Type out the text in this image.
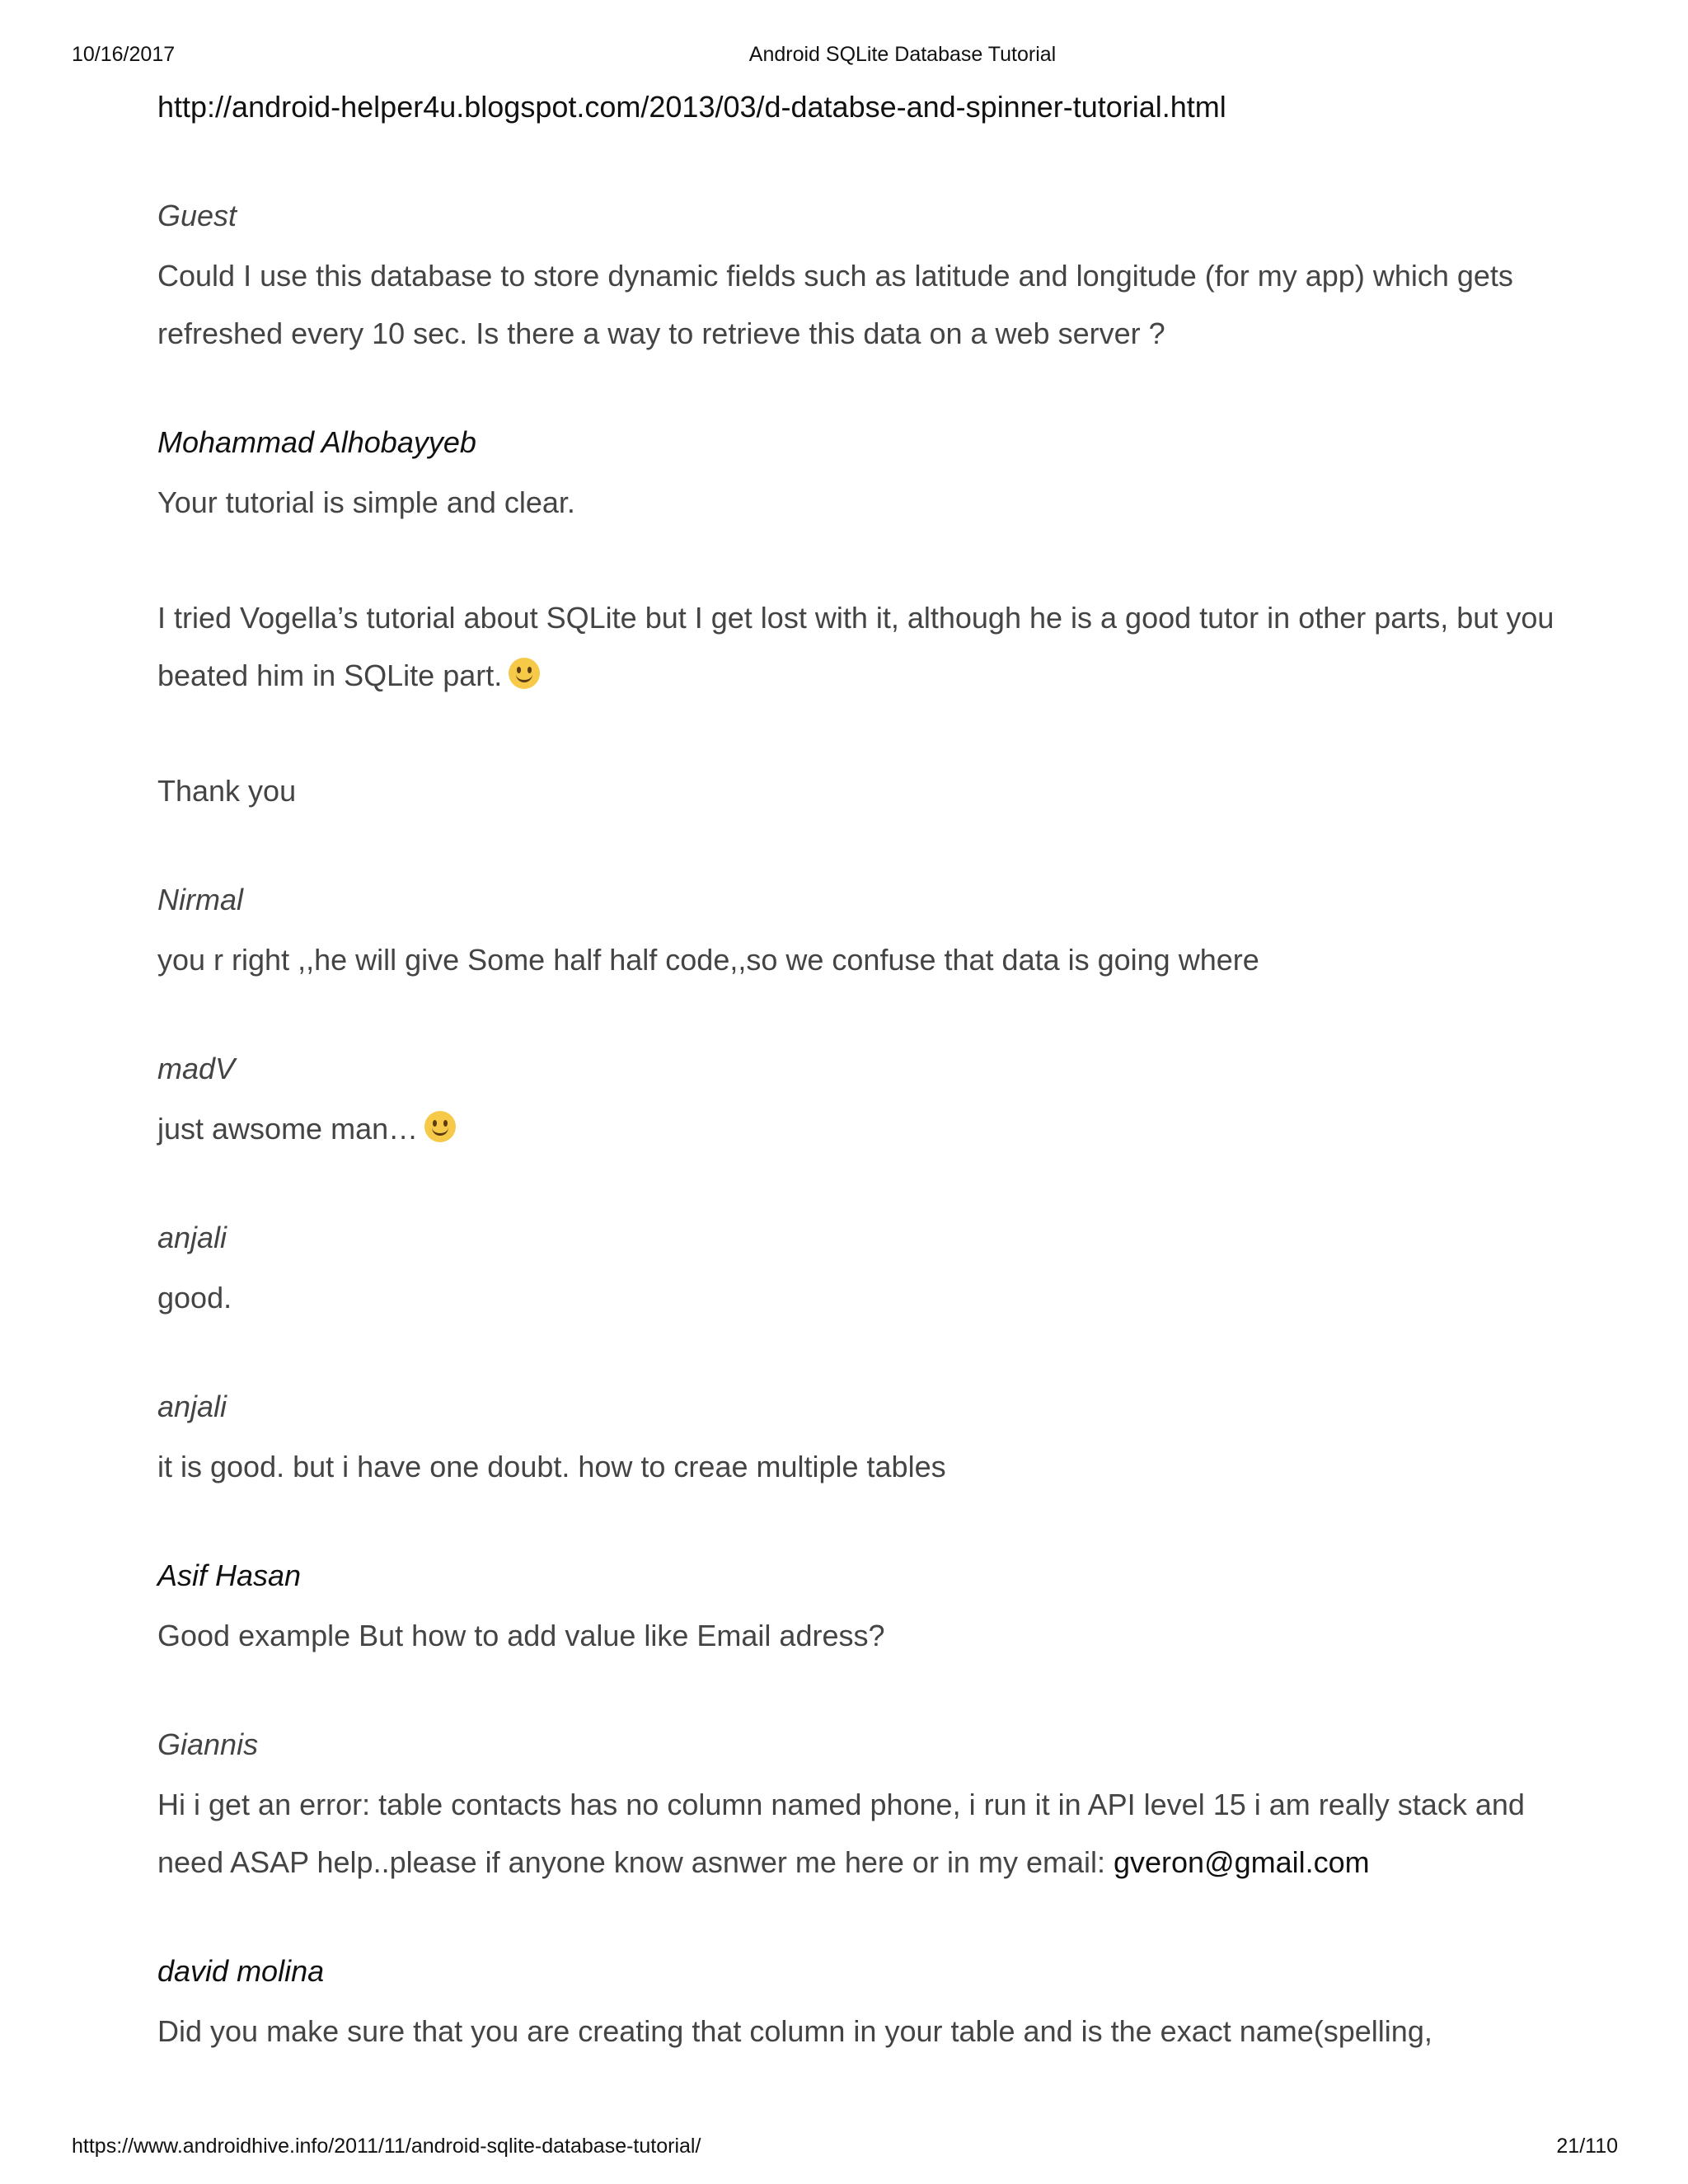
10/16/2017	Android SQLite Database Tutorial
http://android-helper4u.blogspot.com/2013/03/d-databse-and-spinner-tutorial.html
Guest

Could I use this database to store dynamic fields such as latitude and longitude (for my app) which gets refreshed every 10 sec. Is there a way to retrieve this data on a web server ?

Mohammad Alhobayyeb

Your tutorial is simple and clear.

I tried Vogella’s tutorial about SQLite but I get lost with it, although he is a good tutor in other parts, but you beated him in SQLite part.

Thank you

Nirmal

you r right ,,he will give Some half half code,,so we confuse that data is going where

madV

just awsome man…

anjali

good.

anjali

it is good. but i have one doubt. how to creae multiple tables

Asif Hasan

Good example But how to add value like Email adress?

Giannis

Hi i get an error: table contacts has no column named phone, i run it in API level 15 i am really stack and need ASAP help..please if anyone know asnwer me here or in my email: gveron@gmail.com

david molina

Did you make sure that you are creating that column in your table and is the exact name(spelling,

https://www.androidhive.info/2011/11/android-sqlite-database-tutorial/	21/110
